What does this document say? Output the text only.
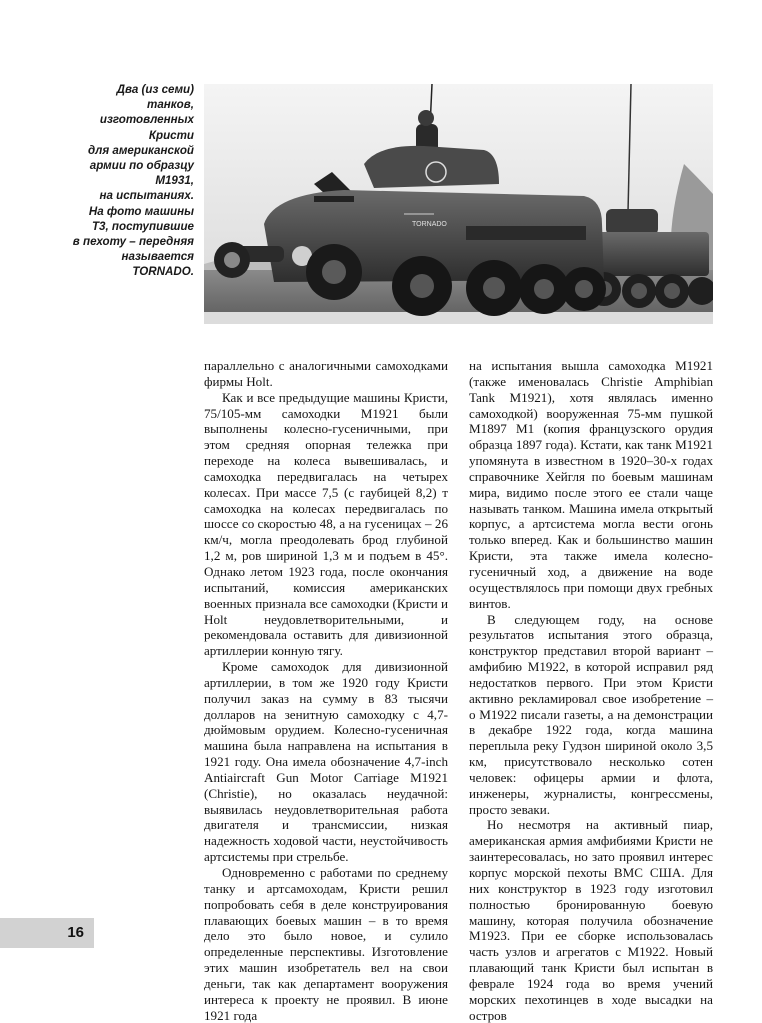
Два (из семи)
танков,
изготовленных
Кристи
для американской
армии по образцу
М1931,
на испытаниях.
На фото машины
Т3, поступившие
в пехоту – передняя
называется
TORNADO.
TORNADO

параллельно с аналогичными самоходками фирмы Holt.

Как и все предыдущие машины Кристи, 75/105-мм самоходки М1921 были выполнены колесно-гусеничными, при этом средняя опорная тележка при переходе на колеса вывешивалась, и самоходка передвигалась на четырех колесах. При массе 7,5 (с гаубицей 8,2) т самоходка на колесах передвигалась по шоссе со скоростью 48, а на гусеницах – 26 км/ч, могла преодолевать брод глубиной 1,2 м, ров шириной 1,3 м и подъем в 45°. Однако летом 1923 года, после окончания испытаний, комиссия американских военных признала все самоходки (Кристи и Holt неудовлетворительными, и рекомендовала оставить для дивизионной артиллерии конную тягу.

Кроме самоходок для дивизионной артиллерии, в том же 1920 году Кристи получил заказ на сумму в 83 тысячи долларов на зенитную самоходку с 4,7-дюймовым орудием. Колесно-гусеничная машина была направлена на испытания в 1921 году. Она имела обозначение 4,7-inch Antiaircraft Gun Motor Carriage M1921 (Christie), но оказалась неудачной: выявилась неудовлетворительная работа двигателя и трансмиссии, низкая надежность ходовой части, неустойчивость артсистемы при стрельбе.

Одновременно с работами по среднему танку и артсамоходам, Кристи решил попробовать себя в деле конструирования плавающих боевых машин – в то время дело это было новое, и сулило определенные перспективы. Изготовление этих машин изобретатель вел на свои деньги, так как департамент вооружения интереса к проекту не проявил. В июне 1921 года

на испытания вышла самоходка М1921 (также именовалась Christie Amphibian Tank M1921), хотя являлась именно самоходкой) вооруженная 75-мм пушкой М1897 M1 (копия французского орудия образца 1897 года). Кстати, как танк М1921 упомянута в известном в 1920–30-х годах справочнике Хейгля по боевым машинам мира, видимо после этого ее стали чаще называть танком. Машина имела открытый корпус, а артсистема могла вести огонь только вперед. Как и большинство машин Кристи, эта также имела колесно-гусеничный ход, а движение на воде осуществлялось при помощи двух гребных винтов.

В следующем году, на основе результатов испытания этого образца, конструктор представил второй вариант – амфибию М1922, в которой исправил ряд недостатков первого. При этом Кристи активно рекламировал свое изобретение – о М1922 писали газеты, а на демонстрации в декабре 1922 года, когда машина переплыла реку Гудзон шириной около 3,5 км, присутствовало несколько сотен человек: офицеры армии и флота, инженеры, журналисты, конгрессмены, просто зеваки.

Но несмотря на активный пиар, американская армия амфибиями Кристи не заинтересовалась, но зато проявил интерес корпус морской пехоты ВМС США. Для них конструктор в 1923 году изготовил полностью бронированную боевую машину, которая получила обозначение М1923. При ее сборке использовалась часть узлов и агрегатов с М1922. Новый плавающий танк Кристи был испытан в феврале 1924 года во время учений морских пехотинцев в ходе высадки на остров

16
